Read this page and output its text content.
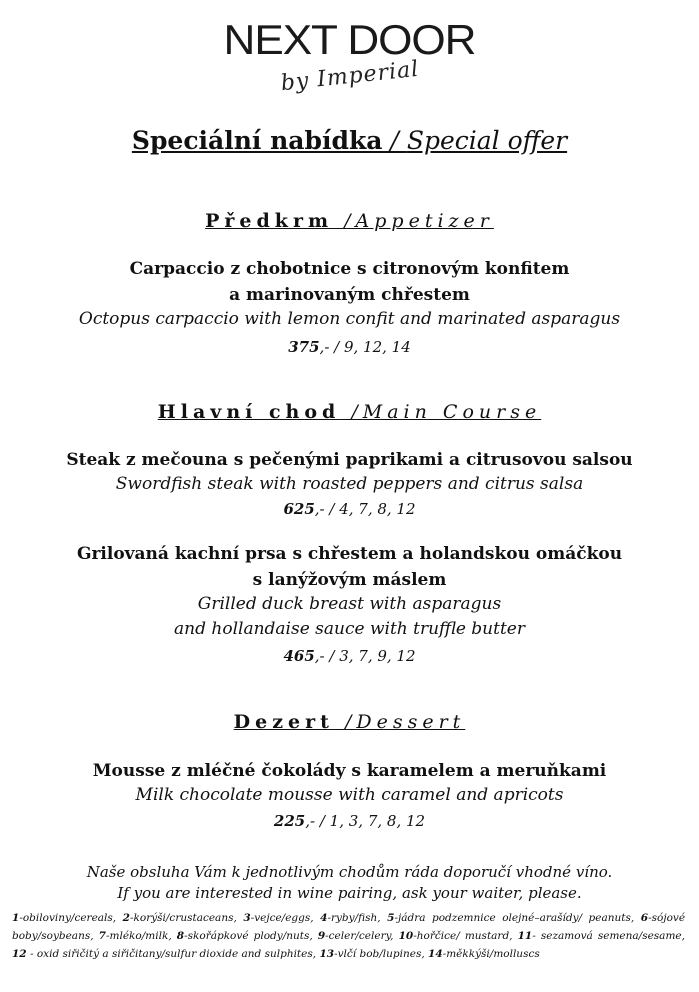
NEXT DOOR
by Imperial
Speciální nabídka / Special offer
Předkrm /Appetizer
Carpaccio z chobotnice s citronovým konfitem
a marinovaným chřestem
Octopus carpaccio with lemon confit and marinated asparagus
375,- / 9, 12, 14
Hlavní chod /Main Course
Steak z mečouna s pečenými paprikami a citrusovou salsou
Swordfish steak with roasted peppers and citrus salsa
625,- / 4, 7, 8, 12
Grilovaná kachní prsa s chřestem a holandskou omáčkou
s lanýžovým máslem
Grilled duck breast with asparagus
and hollandaise sauce with truffle butter
465,- / 3, 7, 9, 12
Dezert /Dessert
Mousse z mléčné čokolády s karamelem a meruňkami
Milk chocolate mousse with caramel and apricots
225,- / 1, 3, 7, 8, 12
Naše obsluha Vám k jednotlivým chodům ráda doporučí vhodné víno.
If you are interested in wine pairing, ask your waiter, please.
1-obiloviny/cereals, 2-korýši/crustaceans, 3-vejce/eggs, 4-ryby/fish, 5-jádra podzemnice olejné–arašídy/ peanuts, 6-sójové boby/soybeans, 7-mléko/milk, 8-skořápkové plody/nuts, 9-celer/celery, 10-hořčice/ mustard, 11- sezamová semena/sesame, 12 - oxid siřičitý a siřičitany/sulfur dioxide and sulphites, 13-vlčí bob/lupines, 14-měkkýši/molluscs
